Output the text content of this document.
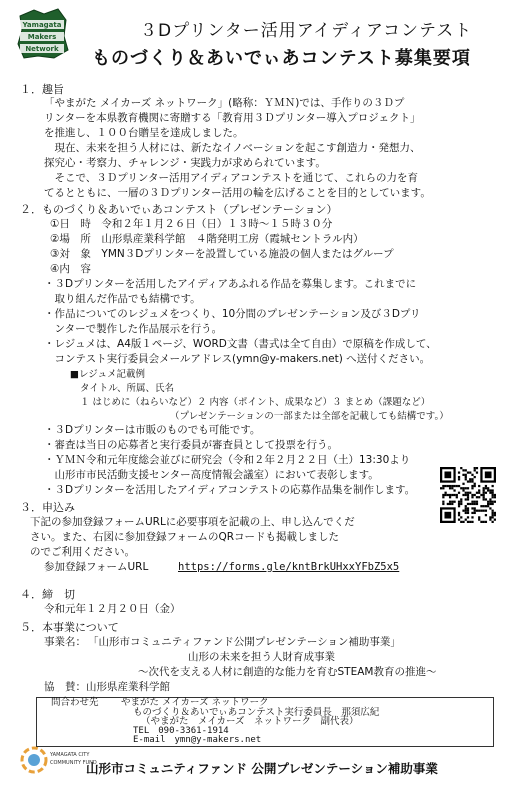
Yamagata
Makers
Network
３Dプリンター活用アイディアコンテスト
ものづくり＆あいでぃあコンテスト募集要項
１．趣旨
「やまがた メイカーズ ネットワーク」(略称：ＹＭＮ)では、手作りの３Ｄプ
リンターを本県教育機関に寄贈する「教育用３Ｄプリンター導入プロジェクト」
を推進し、１００台贈呈を達成しました。
　現在、未来を担う人材には、新たなイノベーションを起こす創造力・発想力、
探究心・考察力、チャレンジ・実践力が求められています。
　そこで、３Ｄプリンター活用アイディアコンテストを通じて、これらの力を育
てるとともに、一層の３Ｄプリンター活用の輪を広げることを目的としています。
２．ものづくり＆あいでぃあコンテスト（プレゼンテーション）
①日　時　令和２年１月２６日（日）１３時～１５時３０分
②場　所　山形県産業科学館　４階発明工房（霞城セントラル内）
③対　象　YMN３Dプリンターを設置している施設の個人またはグループ
④内　容
・３Dプリンターを活用したアイディアあふれる作品を募集します。これまでに
　取り組んだ作品でも結構です。
・作品についてのレジュメをつくり、10分間のプレゼンテーション及び３Dプリ
　ンターで製作した作品展示を行う。
・レジュメは、A4版１ページ、WORD文書（書式は全て自由）で原稿を作成して、
　コンテスト実行委員会メールアドレス(ymn@y-makers.net) へ送付ください。
■レジュメ記載例
タイトル、所属、氏名
１ はじめに（ねらいなど）２ 内容（ポイント、成果など）３ まとめ（課題など）
（プレゼンテーションの一部または全部を記載しても結構です。）
・３Dプリンターは市販のものでも可能です。
・審査は当日の応募者と実行委員が審査員として投票を行う。
・ＹＭＮ令和元年度総会並びに研究会（令和２年２月２２日（土）13:30より
　山形市市民活動支援センター高度情報会議室）において表彰します。
・３Dプリンターを活用したアイディアコンテストの応募作品集を制作します。
３．申込み
下記の参加登録フォームURLに必要事項を記載の上、申し込んでくだ
さい。また、右図に参加登録フォームのQRコードも掲載しました
のでご利用ください。
参加登録フォームURL	https://forms.gle/kntBrkUHxxYFbZ5x5
４．締　切
令和元年１２月２０日（金）
５．本事業について
事業名： 「山形市コミュニティファンド公開プレゼンテーション補助事業」
山形の未来を担う人財育成事業
～次代を支える人材に創造的な能力を育むSTEAM教育の推進～
協　賛：山形県産業科学館
YAMAGATA CITY
COMMUNITY FUND
山形市コミュニティファンド 公開プレゼンテーション補助事業
問合わせ先 やまがた メイカーズ ネットワーク
ものづくり＆あいでぃあコンテスト実行委員長　那須広紀
（やまがた　メイカーズ　ネットワーク　副代表）
TEL　090-3361-1914
E-mail　ymn@y-makers.net
